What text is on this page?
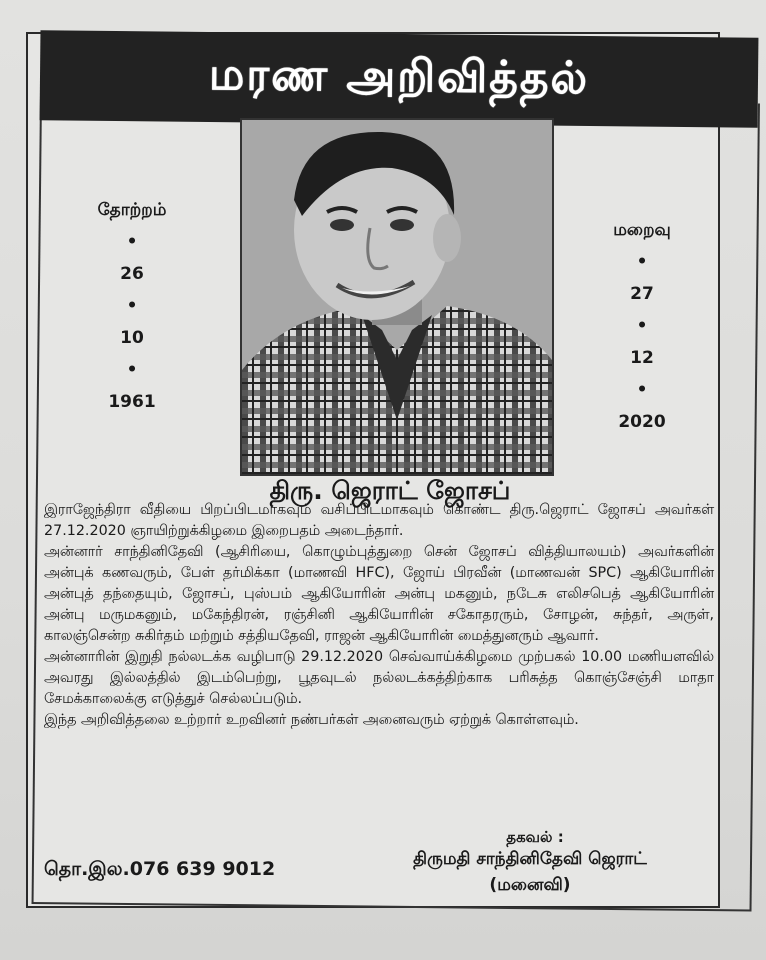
மரண அறிவித்தல்
தோற்றம்
•
26
•
10
•
1961
மறைவு
•
27
•
12
•
2020
திரு. ஜெராட் ஜோசப்

இராஜேந்திரா வீதியை பிறப்பிடமாகவும் வசிப்பிடமாகவும் கொண்ட திரு.ஜெராட் ஜோசப் அவர்கள் 27.12.2020 ஞாயிற்றுக்கிழமை இறைபதம் அடைந்தார்.

அன்னார் சாந்தினிதேவி (ஆசிரியை, கொழும்புத்துறை சென் ஜோசப் வித்தியாலயம்) அவர்களின் அன்புக் கணவரும், பேள் தர்மிக்கா (மாணவி HFC), ஜோய் பிரவீன் (மாணவன் SPC) ஆகியோரின் அன்புத் தந்தையும், ஜோசப், புஸ்பம் ஆகியோரின் அன்பு மகனும், நடேசு எலிசபெத் ஆகியோரின் அன்பு மருமகனும், மகேந்திரன், ரஞ்சினி ஆகியோரின் சகோதரரும், சோழன், சுந்தர், அருள், காலஞ்சென்ற சுகிர்தம் மற்றும் சத்தியதேவி, ராஜன் ஆகியோரின் மைத்துனரும் ஆவார்.

அன்னாரின் இறுதி நல்லடக்க வழிபாடு 29.12.2020 செவ்வாய்க்கிழமை முற்பகல் 10.00 மணியளவில் அவரது இல்லத்தில் இடம்பெற்று, பூதவுடல் நல்லடக்கத்திற்காக பரிசுத்த கொஞ்சேஞ்சி மாதா சேமக்காலைக்கு எடுத்துச் செல்லப்படும்.

இந்த அறிவித்தலை உற்றார் உறவினர் நண்பர்கள் அனைவரும் ஏற்றுக் கொள்ளவும்.

தகவல் :
தொ.இல.076 639 9012	திருமதி சாந்தினிதேவி ஜெராட்
(மனைவி)
